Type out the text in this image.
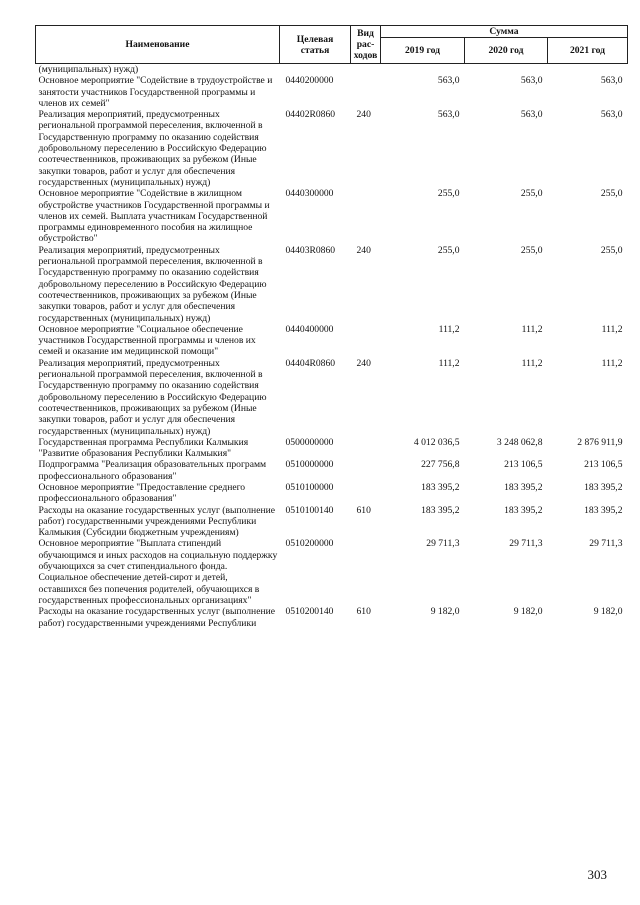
Наименование	Целевая статья	Вид рас-ходов	Сумма		
			2019 год	2020 год	2021 год
(муниципальных) нужд)					
Основное мероприятие "Содействие в трудоустройстве и занятости участников Государственной программы и членов их семей"	0440200000		563,0	563,0	563,0
Реализация мероприятий, предусмотренных региональной программой переселения, включенной в Государственную программу по оказанию содействия добровольному переселению в Российскую Федерацию соотечественников, проживающих за рубежом (Иные закупки товаров, работ и услуг для обеспечения государственных (муниципальных) нужд)	04402R0860	240	563,0	563,0	563,0
Основное мероприятие "Содействие в жилищном обустройстве участников Государственной программы и членов их семей. Выплата участникам Государственной программы единовременного пособия на жилищное обустройство"	0440300000		255,0	255,0	255,0
Реализация мероприятий, предусмотренных региональной программой переселения, включенной в Государственную программу по оказанию содействия добровольному переселению в Российскую Федерацию соотечественников, проживающих за рубежом (Иные закупки товаров, работ и услуг для обеспечения государственных (муниципальных) нужд)	04403R0860	240	255,0	255,0	255,0
Основное мероприятие "Социальное обеспечение участников Государственной программы и членов их семей и оказание им медицинской помощи"	0440400000		111,2	111,2	111,2
Реализация мероприятий, предусмотренных региональной программой переселения, включенной в Государственную программу по оказанию содействия добровольному переселению в Российскую Федерацию соотечественников, проживающих за рубежом (Иные закупки товаров, работ и услуг для обеспечения государственных (муниципальных) нужд)	04404R0860	240	111,2	111,2	111,2
Государственная программа Республики Калмыкия "Развитие образования Республики Калмыкия"	0500000000		4 012 036,5	3 248 062,8	2 876 911,9
Подпрограмма "Реализация образовательных программ профессионального образования"	0510000000		227 756,8	213 106,5	213 106,5
Основное мероприятие "Предоставление среднего профессионального образования"	0510100000		183 395,2	183 395,2	183 395,2
Расходы на оказание государственных услуг (выполнение работ) государственными учреждениями Республики Калмыкия (Субсидии бюджетным учреждениям)	0510100140	610	183 395,2	183 395,2	183 395,2
Основное мероприятие "Выплата стипендий обучающимся и иных расходов на социальную поддержку обучающихся за счет стипендиального фонда. Социальное обеспечение детей-сирот и детей, оставшихся без попечения родителей, обучающихся в государственных профессиональных организациях"	0510200000		29 711,3	29 711,3	29 711,3
Расходы на оказание государственных услуг (выполнение работ) государственными учреждениями Республики	0510200140	610	9 182,0	9 182,0	9 182,0
303
